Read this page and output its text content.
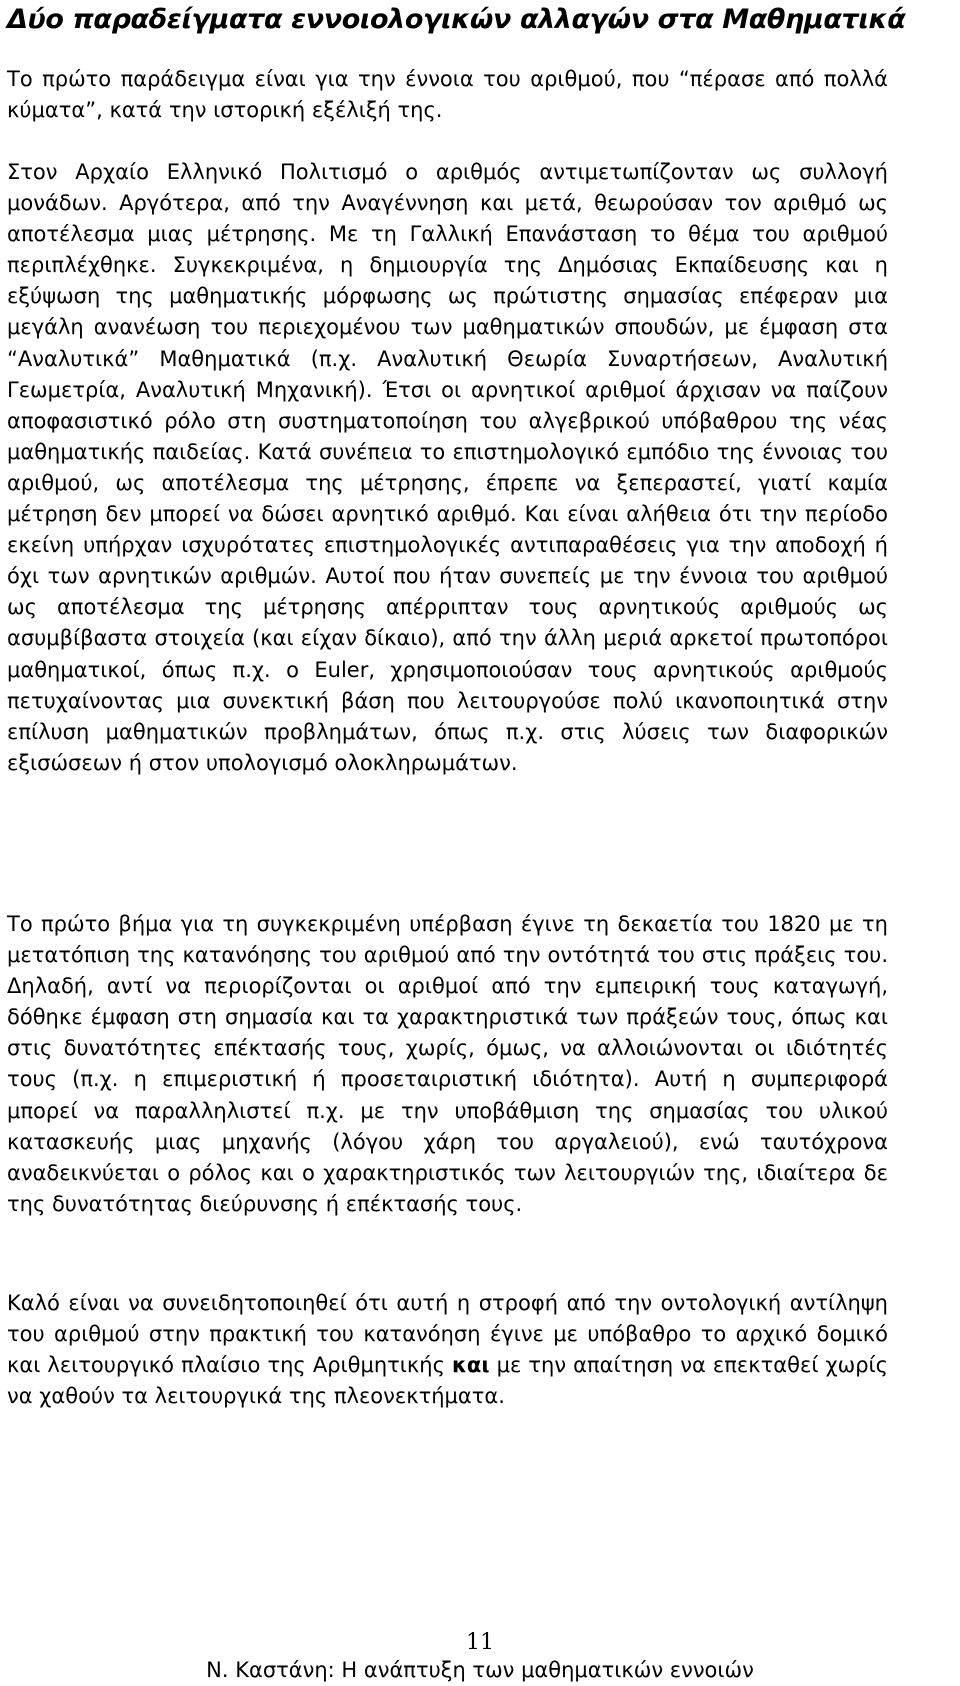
Δύο παραδείγματα εννοιολογικών αλλαγών στα Μαθηματικά

Το πρώτο παράδειγμα είναι για την έννοια του αριθμού, που “πέρασε από πολλά κύματα”, κατά την ιστορική εξέλιξή της.

Στον Αρχαίο Ελληνικό Πολιτισμό ο αριθμός αντιμετωπίζονταν ως συλλογή μονάδων. Αργότερα, από την Αναγέννηση και μετά, θεωρούσαν τον αριθμό ως αποτέλεσμα μιας μέτρησης. Με τη Γαλλική Επανάσταση το θέμα του αριθμού περιπλέχθηκε. Συγκεκριμένα, η δημιουργία της Δημόσιας Εκπαίδευσης και η εξύψωση της μαθηματικής μόρφωσης ως πρώτιστης σημασίας επέφεραν μια μεγάλη ανανέωση του περιεχομένου των μαθηματικών σπουδών, με έμφαση στα “Αναλυτικά” Μαθηματικά (π.χ. Αναλυτική Θεωρία Συναρτήσεων, Αναλυτική Γεωμετρία, Αναλυτική Μηχανική). Έτσι οι αρνητικοί αριθμοί άρχισαν να παίζουν αποφασιστικό ρόλο στη συστηματοποίηση του αλγεβρικού υπόβαθρου της νέας μαθηματικής παιδείας. Κατά συνέπεια το επιστημολογικό εμπόδιο της έννοιας του αριθμού, ως αποτέλεσμα της μέτρησης, έπρεπε να ξεπεραστεί, γιατί καμία μέτρηση δεν μπορεί να δώσει αρνητικό αριθμό. Και είναι αλήθεια ότι την περίοδο εκείνη υπήρχαν ισχυρότατες επιστημολογικές αντιπαραθέσεις για την αποδοχή ή όχι των αρνητικών αριθμών. Αυτοί που ήταν συνεπείς με την έννοια του αριθμού ως αποτέλεσμα της μέτρησης απέρριπταν τους αρνητικούς αριθμούς ως ασυμβίβαστα στοιχεία (και είχαν δίκαιο), από την άλλη μεριά αρκετοί πρωτοπόροι μαθηματικοί, όπως π.χ. ο Euler, χρησιμοποιούσαν τους αρνητικούς αριθμούς πετυχαίνοντας μια συνεκτική βάση που λειτουργούσε πολύ ικανοποιητικά στην επίλυση μαθηματικών προβλημάτων, όπως π.χ. στις λύσεις των διαφορικών εξισώσεων ή στον υπολογισμό ολοκληρωμάτων.

Το πρώτο βήμα για τη συγκεκριμένη υπέρβαση έγινε τη δεκαετία του 1820 με τη μετατόπιση της κατανόησης του αριθμού από την οντότητά του στις πράξεις του. Δηλαδή, αντί να περιορίζονται οι αριθμοί από την εμπειρική τους καταγωγή, δόθηκε έμφαση στη σημασία και τα χαρακτηριστικά των πράξεών τους, όπως και στις δυνατότητες επέκτασής τους, χωρίς, όμως, να αλλοιώνονται οι ιδιότητές τους (π.χ. η επιμεριστική ή προσεταιριστική ιδιότητα). Αυτή η συμπεριφορά μπορεί να παραλληλιστεί π.χ. με την υποβάθμιση της σημασίας του υλικού κατασκευής μιας μηχανής (λόγου χάρη του αργαλειού), ενώ ταυτόχρονα αναδεικνύεται ο ρόλος και ο χαρακτηριστικός των λειτουργιών της, ιδιαίτερα δε της δυνατότητας διεύρυνσης ή επέκτασής τους.

Καλό είναι να συνειδητοποιηθεί ότι αυτή η στροφή από την οντολογική αντίληψη του αριθμού στην πρακτική του κατανόηση έγινε με υπόβαθρο το αρχικό δομικό και λειτουργικό πλαίσιο της Αριθμητικής και με την απαίτηση να επεκταθεί χωρίς να χαθούν τα λειτουργικά της πλεονεκτήματα.

11
Ν. Καστάνη: Η ανάπτυξη των μαθηματικών εννοιών
